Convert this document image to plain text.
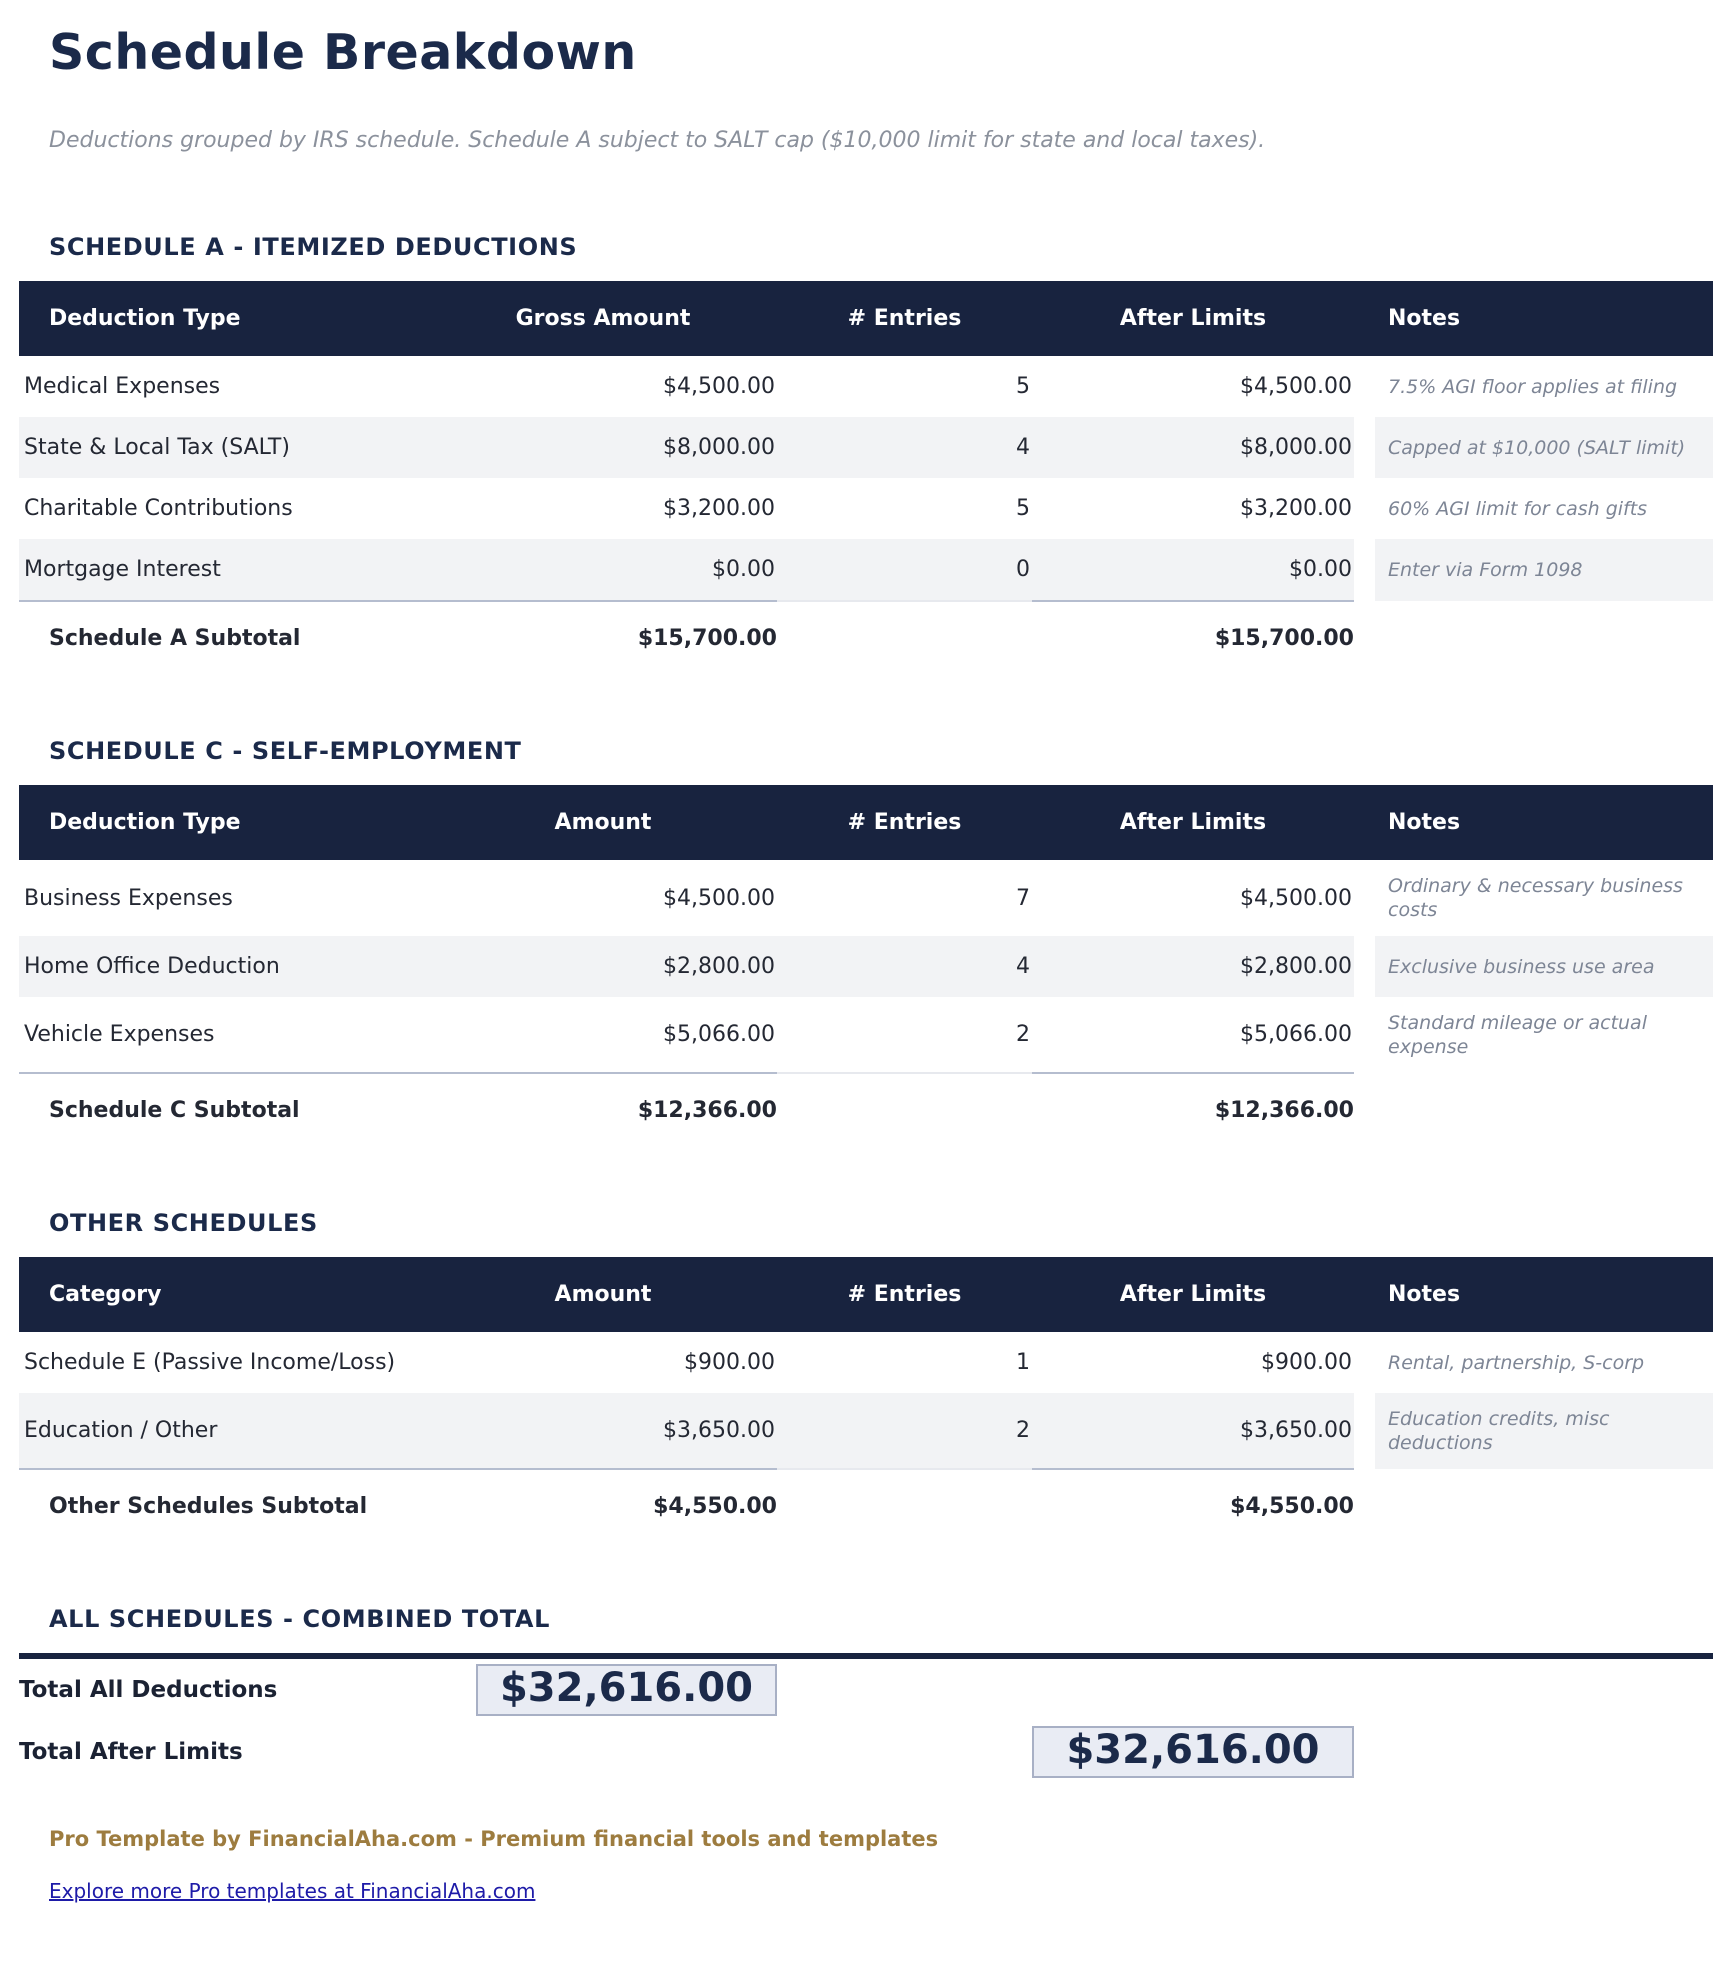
Schedule Breakdown
Deductions grouped by IRS schedule. Schedule A subject to SALT cap ($10,000 limit for state and local taxes).
SCHEDULE A - ITEMIZED DEDUCTIONS
Deduction Type	Gross Amount	# Entries	After Limits		Notes
Medical Expenses	$4,500.00	5	$4,500.00		7.5% AGI floor applies at filing
State & Local Tax (SALT)	$8,000.00	4	$8,000.00		Capped at $10,000 (SALT limit)
Charitable Contributions	$3,200.00	5	$3,200.00		60% AGI limit for cash gifts
Mortgage Interest	$0.00	0	$0.00		Enter via Form 1098
Schedule A Subtotal	$15,700.00		$15,700.00		
SCHEDULE C - SELF-EMPLOYMENT
Deduction Type	Amount	# Entries	After Limits		Notes
Business Expenses	$4,500.00	7	$4,500.00		Ordinary & necessary business costs
Home Office Deduction	$2,800.00	4	$2,800.00		Exclusive business use area
Vehicle Expenses	$5,066.00	2	$5,066.00		Standard mileage or actual expense
Schedule C Subtotal	$12,366.00		$12,366.00		
OTHER SCHEDULES
Category	Amount	# Entries	After Limits		Notes
Schedule E (Passive Income/Loss)	$900.00	1	$900.00		Rental, partnership, S-corp
Education / Other	$3,650.00	2	$3,650.00		Education credits, misc deductions
Other Schedules Subtotal	$4,550.00		$4,550.00		
ALL SCHEDULES - COMBINED TOTAL
Total All Deductions	$32,616.00				
Total After Limits			$32,616.00		

Pro Template by FinancialAha.com - Premium financial tools and templates
Explore more Pro templates at FinancialAha.com
